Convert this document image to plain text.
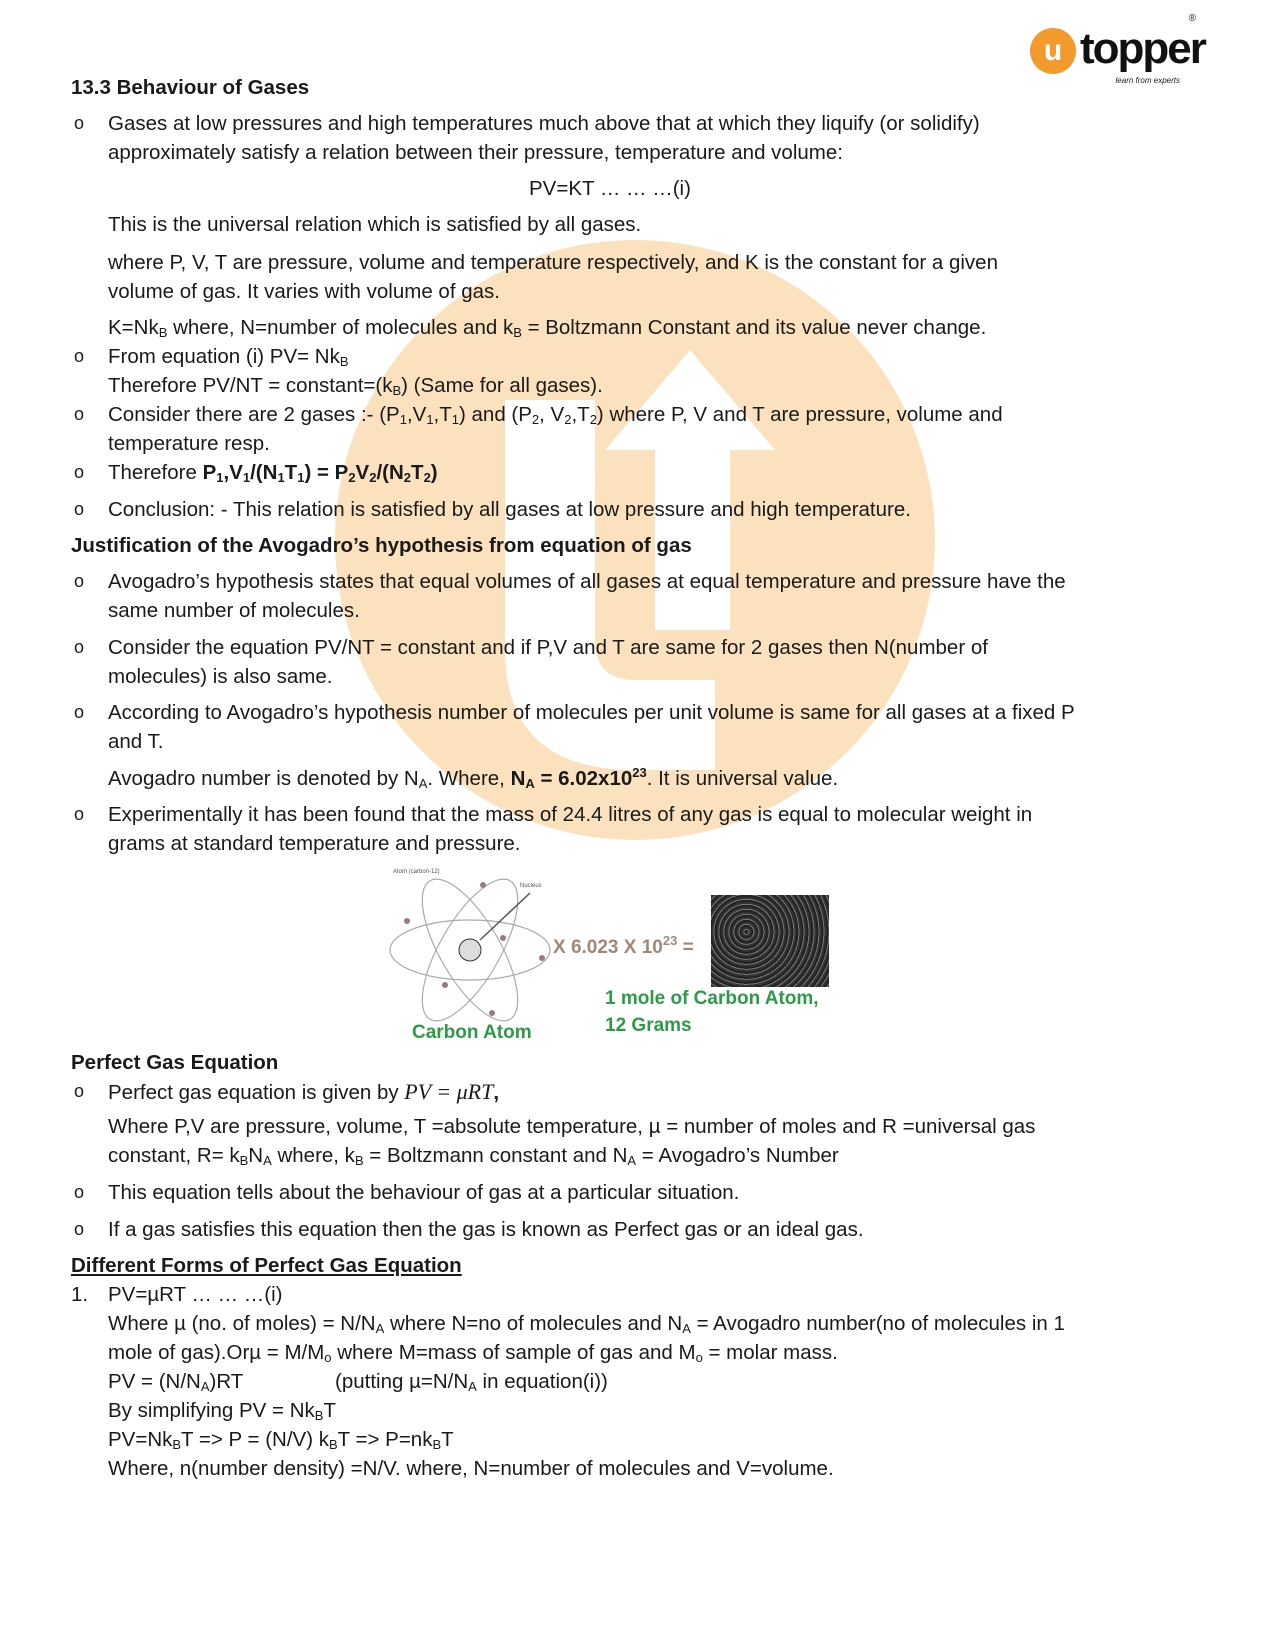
u topper
learn from experts
®
13.3 Behaviour of Gases
o Gases at low pressures and high temperatures much above that at which they liquify (or solidify)
approximately satisfy a relation between their pressure, temperature and volume:
PV=KT … … …(i)
This is the universal relation which is satisfied by all gases.
where P, V, T are pressure, volume and temperature respectively, and K is the constant for a given
volume of gas. It varies with volume of gas.
$K=Nk_B$ where, N=number of molecules and $k_B$ = Boltzmann Constant and its value never change.
o From equation (i) $PV= Nk_B$
Therefore $PV/NT = constant=(k_B)$ (Same for all gases).
o Consider there are 2 gases :- $(P_1,V_1,T_1)$ and ($P_2$, $V_2,T_2$) where P, V and T are pressure, volume and
temperature resp.
o Therefore $P_1,V_1/(N_1T_1) = P_2V_2/(N_2T_2)$
o Conclusion: - This relation is satisfied by all gases at low pressure and high temperature.
Justification of the Avogadro’s hypothesis from equation of gas
o Avogadro’s hypothesis states that equal volumes of all gases at equal temperature and pressure have the
same number of molecules.
o Consider the equation PV/NT = constant and if P,V and T are same for 2 gases then N(number of
molecules) is also same.
o According to Avogadro’s hypothesis number of molecules per unit volume is same for all gases at a fixed P
and T.
Avogadro number is denoted by $N_A$. Where, $N_A = 6.02x10^{23}$. It is universal value.
o Experimentally it has been found that the mass of 24.4 litres of any gas is equal to molecular weight in
grams at standard temperature and pressure.
Atom (carbon-12)
Nucleus
X 6.023 X $10^{23}$ =
Carbon Atom
1 mole of Carbon Atom,
12 Grams
Perfect Gas Equation
o Perfect gas equation is given by PV = μRT,
Where P,V are pressure, volume, T =absolute temperature, µ = number of moles and R =universal gas
constant, $R= k_BN_A$ where, $k_B$ = Boltzmann constant and $N_A$ = Avogadro’s Number
o This equation tells about the behaviour of gas at a particular situation.
o If a gas satisfies this equation then the gas is known as Perfect gas or an ideal gas.
Different Forms of Perfect Gas Equation
1. PV=µRT … … …(i)
Where µ (no. of moles) = $N/N_A$ where N=no of molecules and $N_A$ = Avogadro number(no of molecules in 1
mole of $gas).Or\mu = M/M_o$ where M=mass of sample of gas and $M_o$ = molar mass.
PV = $(N/N_A)RT$	(putting $\mu=N/N_A$ in equation(i))
By simplifying PV = $Nk_BT$
$PV=Nk_BT => P = (N/V) k_BT => P=nk_BT$
Where, n(number density) =N/V. where, N=number of molecules and V=volume.
